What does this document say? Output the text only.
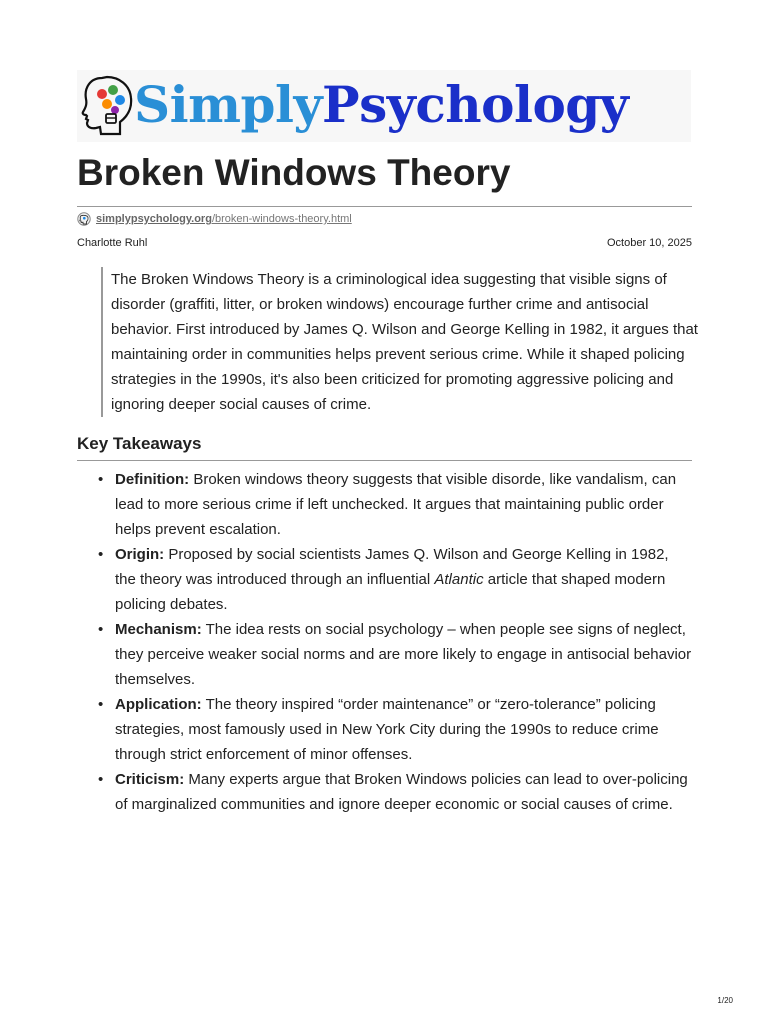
SimplyPsychology
Broken Windows Theory
simplypsychology.org /broken-windows-theory.html
Charlotte Ruhl	October 10, 2025
The Broken Windows Theory is a criminological idea suggesting that visible signs of disorder (graffiti, litter, or broken windows) encourage further crime and antisocial behavior. First introduced by James Q. Wilson and George Kelling in 1982, it argues that maintaining order in communities helps prevent serious crime. While it shaped policing strategies in the 1990s, it's also been criticized for promoting aggressive policing and ignoring deeper social causes of crime.
Key Takeaways
• Definition: Broken windows theory suggests that visible disorde, like vandalism, can lead to more serious crime if left unchecked. It argues that maintaining public order helps prevent escalation.
• Origin: Proposed by social scientists James Q. Wilson and George Kelling in 1982, the theory was introduced through an influential Atlantic article that shaped modern policing debates.
• Mechanism: The idea rests on social psychology – when people see signs of neglect, they perceive weaker social norms and are more likely to engage in antisocial behavior themselves.
• Application: The theory inspired “order maintenance” or “zero-tolerance” policing strategies, most famously used in New York City during the 1990s to reduce crime through strict enforcement of minor offenses.
• Criticism: Many experts argue that Broken Windows policies can lead to over-policing of marginalized communities and ignore deeper economic or social causes of crime.
1/20
